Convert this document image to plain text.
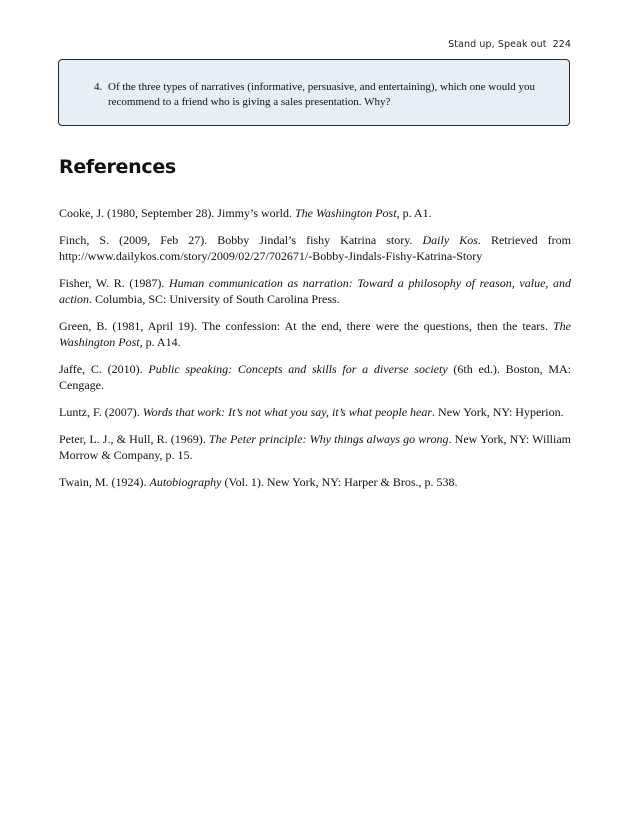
Stand up, Speak out 224
4. Of the three types of narratives (informative, persuasive, and entertaining), which one would you recommend to a friend who is giving a sales presentation. Why?
References

Cooke, J. (1980, September 28). Jimmy’s world. The Washington Post, p. A1.

Finch, S. (2009, Feb 27). Bobby Jindal’s fishy Katrina story. Daily Kos. Retrieved from http://www.dailykos.com/story/2009/02/27/702671/-Bobby-Jindals-Fishy-Katrina-Story

Fisher, W. R. (1987). Human communication as narration: Toward a philosophy of reason, value, and action. Columbia, SC: University of South Carolina Press.

Green, B. (1981, April 19). The confession: At the end, there were the questions, then the tears. The Washington Post, p. A14.

Jaffe, C. (2010). Public speaking: Concepts and skills for a diverse society (6th ed.). Boston, MA: Cengage.

Luntz, F. (2007). Words that work: It’s not what you say, it’s what people hear. New York, NY: Hyperion.

Peter, L. J., & Hull, R. (1969). The Peter principle: Why things always go wrong. New York, NY: William Morrow & Company, p. 15.

Twain, M. (1924). Autobiography (Vol. 1). New York, NY: Harper & Bros., p. 538.
